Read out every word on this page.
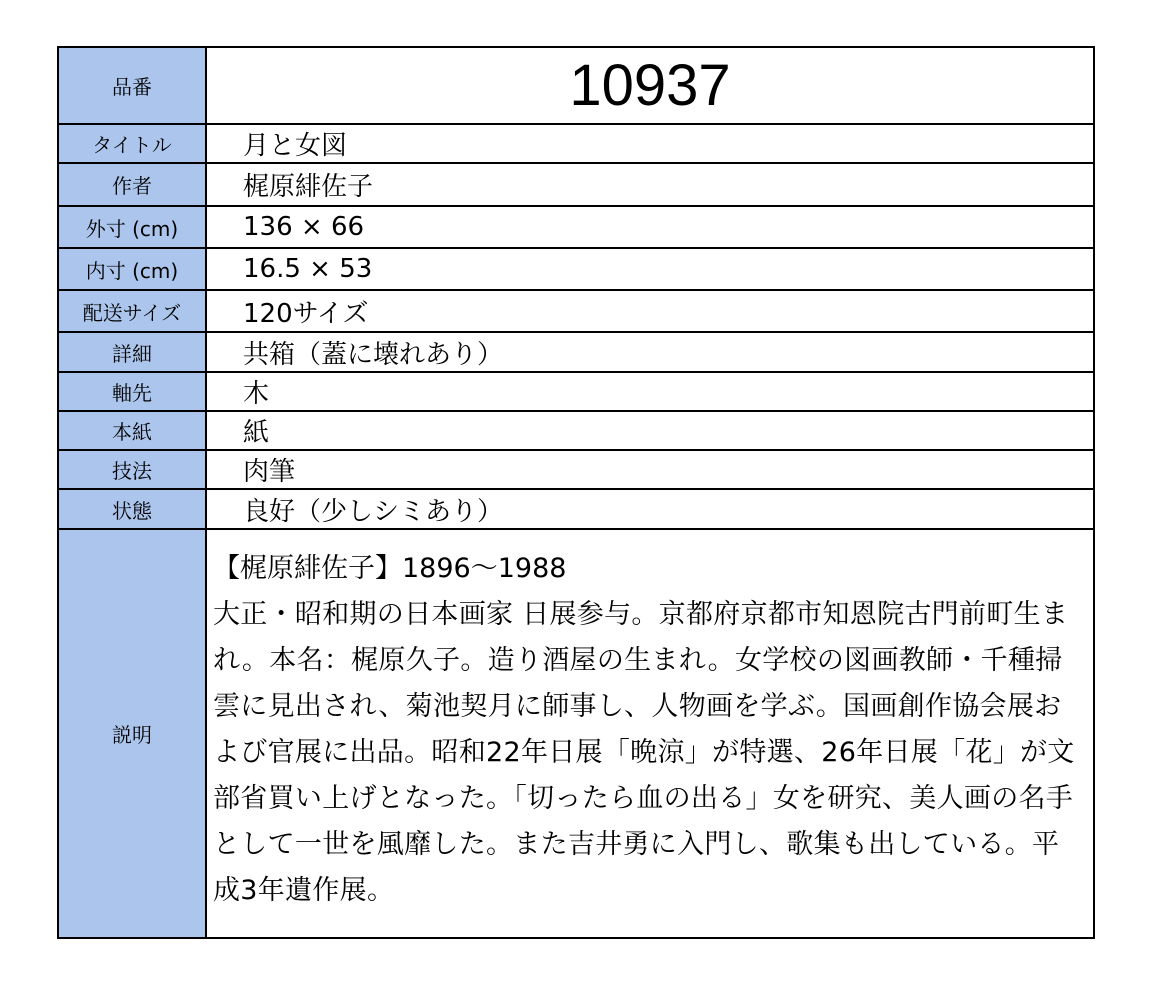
品番	10937
タイトル	月と女図
作者	梶原緋佐子
外寸 (cm)	136 × 66
内寸 (cm)	16.5 × 53
配送サイズ	120サイズ
詳細	共箱（蓋に壊れあり）
軸先	木
本紙	紙
技法	肉筆
状態	良好（少しシミあり）
説明	【梶原緋佐子】1896～1988
大正・昭和期の日本画家 日展参与。京都府京都市知恩院古門前町生まれ。本名：梶原久子。造り酒屋の生まれ。女学校の図画教師・千種掃雲に見出され、菊池契月に師事し、人物画を学ぶ。国画創作協会展および官展に出品。昭和22年日展「晩涼」が特選、26年日展「花」が文部省買い上げとなった。「切ったら血の出る」女を研究、美人画の名手として一世を風靡した。また吉井勇に入門し、歌集も出している。平成3年遺作展。
